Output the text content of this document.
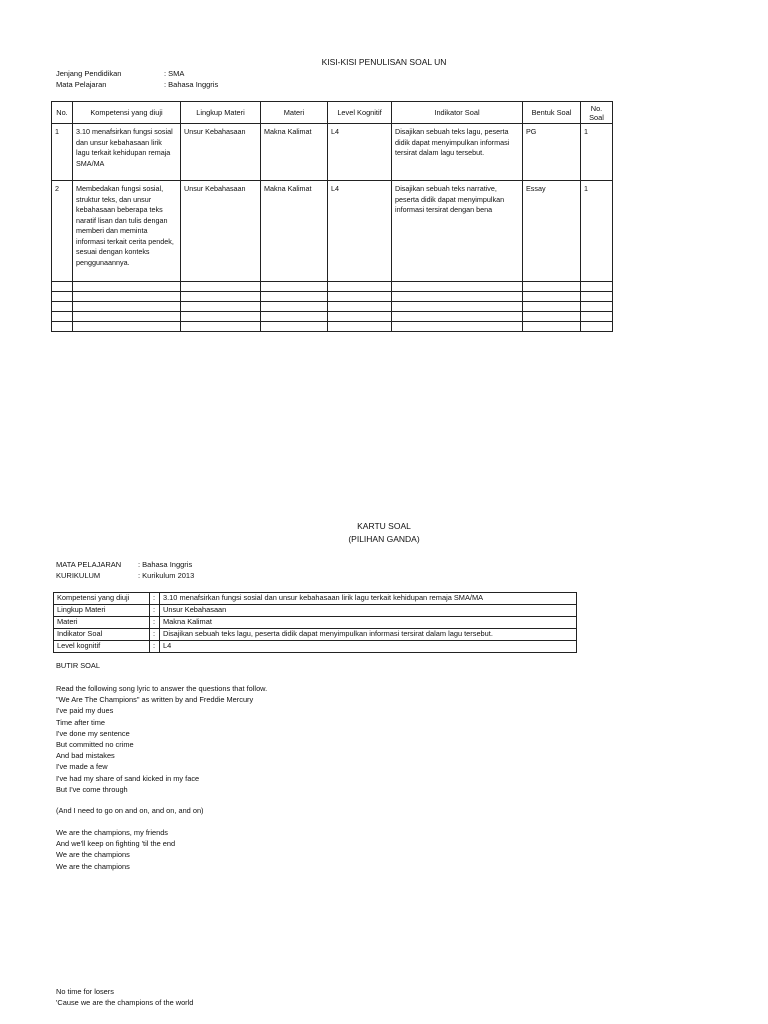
KISI-KISI PENULISAN SOAL UN
Jenjang Pendidikan	: SMA
Mata Pelajaran	: Bahasa Inggris
No.	Kompetensi yang diuji	Lingkup Materi	Materi	Level Kognitif	Indikator Soal	Bentuk Soal	No. Soal
1	3.10 menafsirkan fungsi sosial dan unsur kebahasaan lirik lagu terkait kehidupan remaja SMA/MA	Unsur Kebahasaan	Makna Kalimat	L4	Disajikan sebuah teks lagu, peserta didik dapat menyimpulkan informasi tersirat dalam lagu tersebut.	PG	1
2	Membedakan fungsi sosial, struktur teks, dan unsur kebahasaan beberapa teks naratif lisan dan tulis dengan memberi dan meminta informasi terkait cerita pendek, sesuai dengan konteks penggunaannya.	Unsur Kebahasaan	Makna Kalimat	L4	Disajikan sebuah teks narrative, peserta didik dapat menyimpulkan informasi tersirat dengan bena	Essay	1

KARTU SOAL
(PILIHAN GANDA)
MATA PELAJARAN : Bahasa Inggris
KURIKULUM	: Kurikulum 2013
Kompetensi yang diuji	:	3.10 menafsirkan fungsi sosial dan unsur kebahasaan lirik lagu terkait kehidupan remaja SMA/MA
Lingkup Materi	:	Unsur Kebahasaan
Materi	:	Makna Kalimat
Indikator Soal	:	Disajikan sebuah teks lagu, peserta didik dapat menyimpulkan informasi tersirat dalam lagu tersebut.
Level kognitif	:	L4
BUTIR SOAL
Read the following song lyric to answer the questions that follow.
"We Are The Champions" as written by and Freddie Mercury
I've paid my dues
Time after time
I've done my sentence
But committed no crime
And bad mistakes
I've made a few
I've had my share of sand kicked in my face
But I've come through
(And I need to go on and on, and on, and on)
We are the champions, my friends
And we'll keep on fighting 'til the end
We are the champions
We are the champions
No time for losers
'Cause we are the champions of the world
